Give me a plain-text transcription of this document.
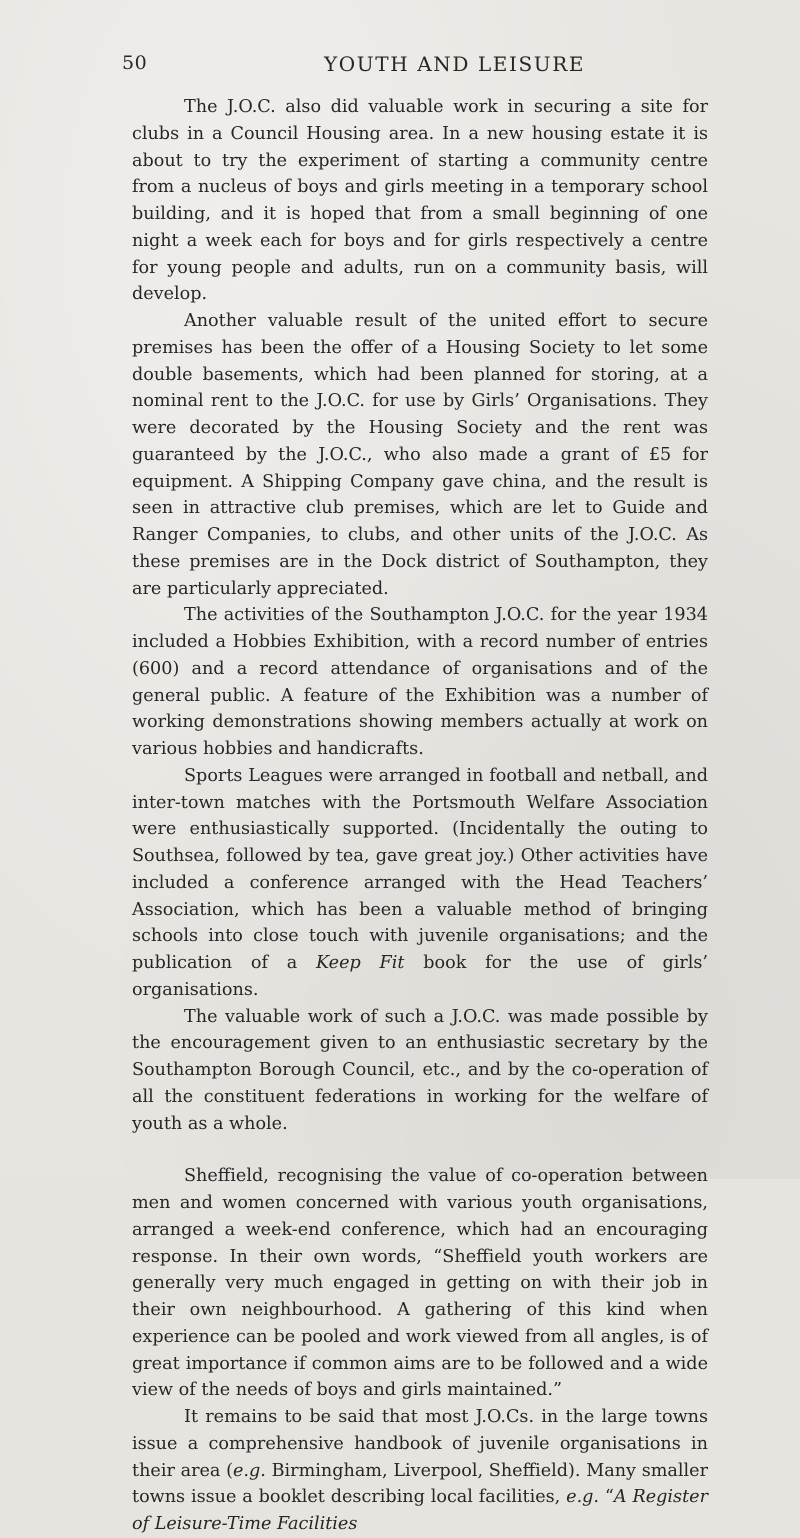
50	YOUTH AND LEISURE

The J.O.C. also did valuable work in securing a site for clubs in a Council Housing area. In a new housing estate it is about to try the experiment of starting a community centre from a nucleus of boys and girls meeting in a temporary school building, and it is hoped that from a small beginning of one night a week each for boys and for girls respectively a centre for young people and adults, run on a community basis, will develop.

Another valuable result of the united effort to secure premises has been the offer of a Housing Society to let some double basements, which had been planned for storing, at a nominal rent to the J.O.C. for use by Girls’ Organisations. They were decorated by the Housing Society and the rent was guaranteed by the J.O.C., who also made a grant of £5 for equipment. A Shipping Company gave china, and the result is seen in attractive club premises, which are let to Guide and Ranger Companies, to clubs, and other units of the J.O.C. As these premises are in the Dock district of Southampton, they are particularly appreciated.

The activities of the Southampton J.O.C. for the year 1934 included a Hobbies Exhibition, with a record number of entries (600) and a record attendance of organisations and of the general public. A feature of the Exhibition was a number of working demonstrations showing members actually at work on various hobbies and handicrafts.

Sports Leagues were arranged in football and netball, and inter-town matches with the Portsmouth Welfare Association were enthusiastically supported. (Incidentally the outing to Southsea, followed by tea, gave great joy.) Other activities have included a conference arranged with the Head Teachers’ Association, which has been a valuable method of bringing schools into close touch with juvenile organisations; and the publication of a Keep Fit book for the use of girls’ organisations.

The valuable work of such a J.O.C. was made possible by the encouragement given to an enthusiastic secretary by the Southampton Borough Council, etc., and by the co-operation of all the constituent federations in working for the welfare of youth as a whole.

Sheffield, recognising the value of co-operation between men and women concerned with various youth organisations, arranged a week-end conference, which had an encouraging response. In their own words, “Sheffield youth workers are generally very much engaged in getting on with their job in their own neighbourhood. A gathering of this kind when experience can be pooled and work viewed from all angles, is of great importance if common aims are to be followed and a wide view of the needs of boys and girls maintained.”

It remains to be said that most J.O.Cs. in the large towns issue a comprehensive handbook of juvenile organisations in their area (e.g. Birmingham, Liverpool, Sheffield). Many smaller towns issue a booklet describing local facilities, e.g. “A Register of Leisure-Time Facilities
